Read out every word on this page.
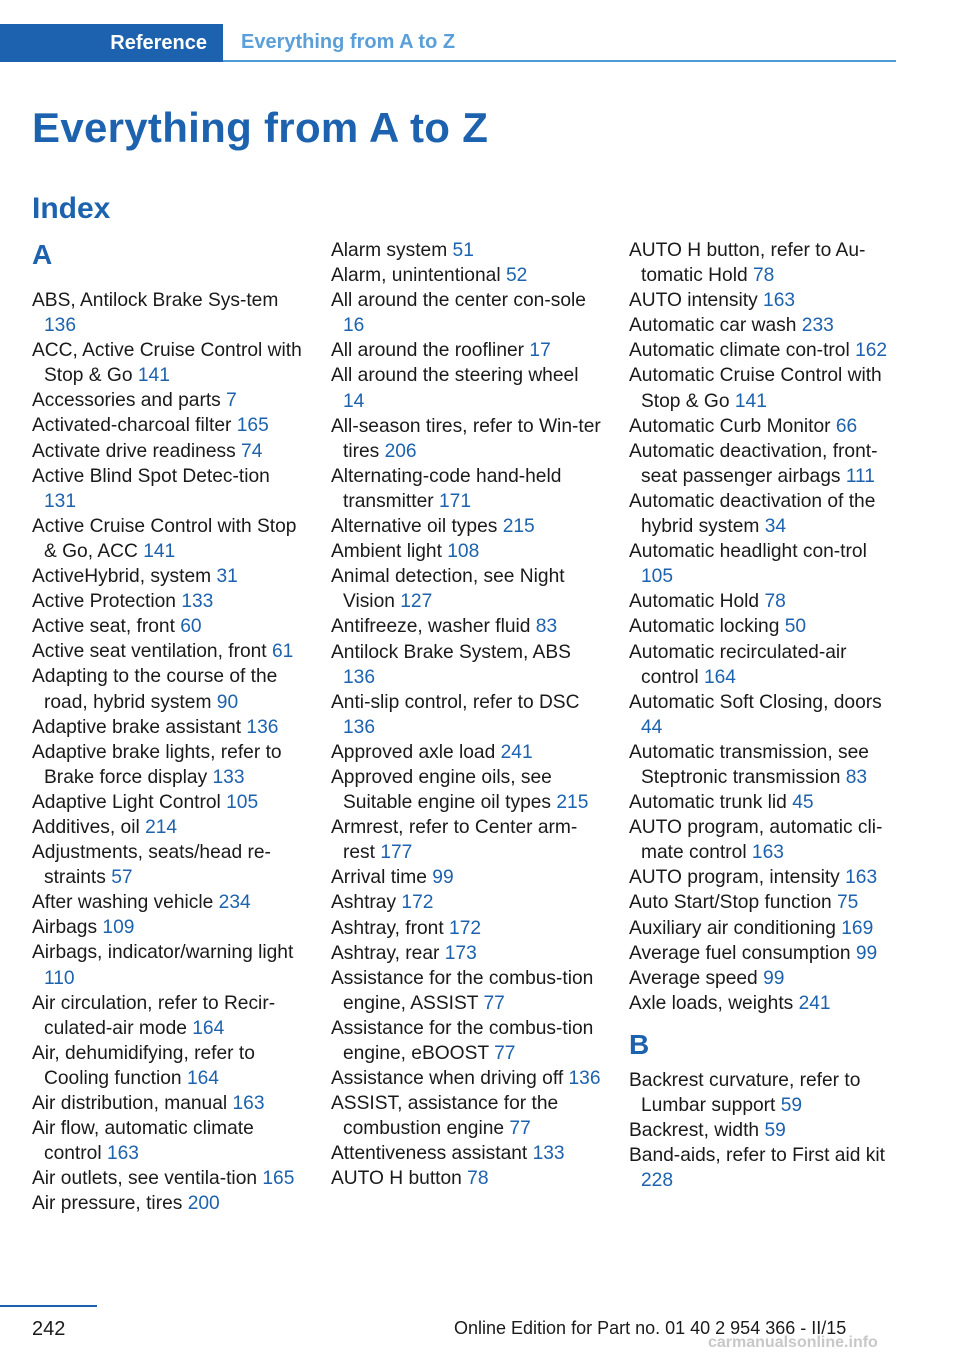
Reference	Everything from A to Z
Everything from A to Z
Index
A
ABS, Antilock Brake Sys‐tem 136
ACC, Active Cruise Control with Stop & Go 141
Accessories and parts 7
Activated-charcoal filter 165
Activate drive readiness 74
Active Blind Spot Detec‐tion 131
Active Cruise Control with Stop & Go, ACC 141
ActiveHybrid, system 31
Active Protection 133
Active seat, front 60
Active seat ventilation, front 61
Adapting to the course of the road, hybrid system 90
Adaptive brake assistant 136
Adaptive brake lights, refer to Brake force display 133
Adaptive Light Control 105
Additives, oil 214
Adjustments, seats/head re‐straints 57
After washing vehicle 234
Airbags 109
Airbags, indicator/warning light 110
Air circulation, refer to Recir‐culated-air mode 164
Air, dehumidifying, refer to Cooling function 164
Air distribution, manual 163
Air flow, automatic climate control 163
Air outlets, see ventila‐tion 165
Air pressure, tires 200
Alarm system 51
Alarm, unintentional 52
All around the center con‐sole 16
All around the roofliner 17
All around the steering wheel 14
All-season tires, refer to Win‐ter tires 206
Alternating-code hand-held transmitter 171
Alternative oil types 215
Ambient light 108
Animal detection, see Night Vision 127
Antifreeze, washer fluid 83
Antilock Brake System, ABS 136
Anti-slip control, refer to DSC 136
Approved axle load 241
Approved engine oils, see Suitable engine oil types 215
Armrest, refer to Center arm‐rest 177
Arrival time 99
Ashtray 172
Ashtray, front 172
Ashtray, rear 173
Assistance for the combus‐tion engine, ASSIST 77
Assistance for the combus‐tion engine, eBOOST 77
Assistance when driving off 136
ASSIST, assistance for the combustion engine 77
Attentiveness assistant 133
AUTO H button 78
AUTO H button, refer to Au‐tomatic Hold 78
AUTO intensity 163
Automatic car wash 233
Automatic climate con‐trol 162
Automatic Cruise Control with Stop & Go 141
Automatic Curb Monitor 66
Automatic deactivation, front-seat passenger airbags 111
Automatic deactivation of the hybrid system 34
Automatic headlight con‐trol 105
Automatic Hold 78
Automatic locking 50
Automatic recirculated-air control 164
Automatic Soft Closing, doors 44
Automatic transmission, see Steptronic transmission 83
Automatic trunk lid 45
AUTO program, automatic cli‐mate control 163
AUTO program, intensity 163
Auto Start/Stop function 75
Auxiliary air conditioning 169
Average fuel consumption 99
Average speed 99
Axle loads, weights 241
B
Backrest curvature, refer to Lumbar support 59
Backrest, width 59
Band-aids, refer to First aid kit 228
242	Online Edition for Part no. 01 40 2 954 366 - II/15
carmanualsonline.info
